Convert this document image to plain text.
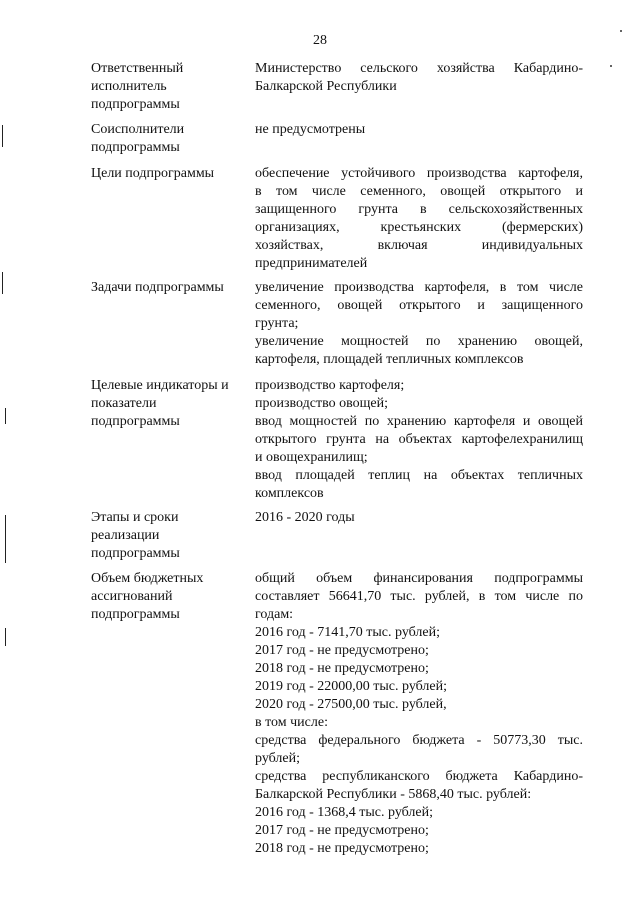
28
Ответственный
исполнитель
подпрограммы
Министерство сельского хозяйства Кабардино-
Балкарской Республики
Соисполнители
подпрограммы
не предусмотрены
Цели подпрограммы	обеспечение устойчивого производства картофеля,
в том числе семенного, овощей открытого и
защищенного грунта в сельскохозяйственных
организациях, крестьянских (фермерских)
хозяйствах, включая индивидуальных
предпринимателей
Задачи подпрограммы	увеличение производства картофеля, в том числе
семенного, овощей открытого и защищенного
грунта;
увеличение мощностей по хранению овощей,
картофеля, площадей тепличных комплексов
Целевые индикаторы и
показатели
подпрограммы
производство картофеля;
производство овощей;
ввод мощностей по хранению картофеля и овощей
открытого грунта на объектах картофелехранилищ
и овощехранилищ;
ввод площадей теплиц на объектах тепличных
комплексов
Этапы и сроки
реализации
подпрограммы
2016 - 2020 годы
Объем бюджетных
ассигнований
подпрограммы
общий объем финансирования подпрограммы
составляет 56641,70 тыс. рублей, в том числе по
годам:
2016 год - 7141,70 тыс. рублей;
2017 год - не предусмотрено;
2018 год - не предусмотрено;
2019 год - 22000,00 тыс. рублей;
2020 год - 27500,00 тыс. рублей,
в том числе:
средства федерального бюджета - 50773,30 тыс.
рублей;
средства республиканского бюджета Кабардино-
Балкарской Республики - 5868,40 тыс. рублей:
2016 год - 1368,4 тыс. рублей;
2017 год - не предусмотрено;
2018 год - не предусмотрено;
